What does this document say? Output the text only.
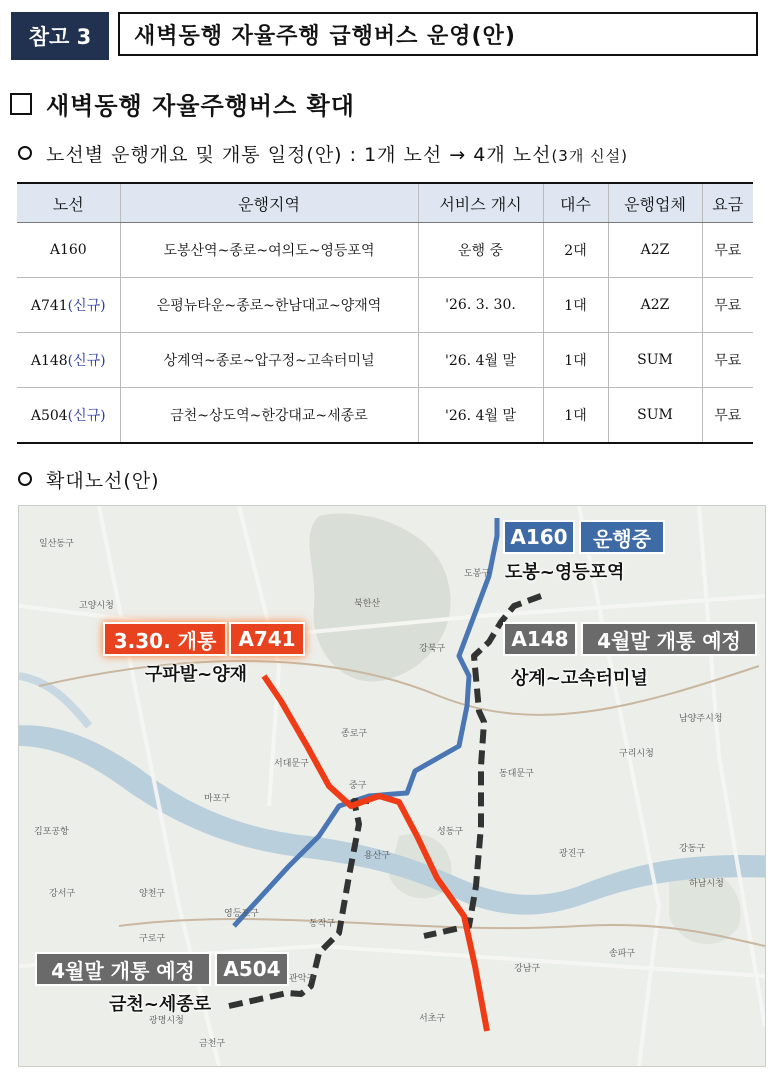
참고 3	새벽동행 자율주행 급행버스 운영(안)
새벽동행 자율주행버스 확대
노선별 운행개요 및 개통 일정(안) : 1개 노선 → 4개 노선(3개 신설)
노선	운행지역	서비스 개시	대수	운행업체	요금
A160	도봉산역~종로~여의도~영등포역	운행 중	2대	A2Z	무료
A741(신규)	은평뉴타운~종로~한남대교~양재역	'26. 3. 30.	1대	A2Z	무료
A148(신규)	상계역~종로~압구정~고속터미널	'26. 4월 말	1대	SUM	무료
A504(신규)	금천~상도역~한강대교~세종로	'26. 4월 말	1대	SUM	무료
확대노선(안)
일산동구
고양시청	북한산
강북구
도봉구
종로구
서대문구
마포구
중구
용산구
성동구
동대문구
광진구
영등포구
동작구
관악구
서초구
강남구
송파구
강동구
구로구
금천구
광명시청
김포공항
남양주시청
구리시청
하남시청
양천구
강서구
A160	운행중
도봉~영등포역
3.30. 개통	A741
구파발~양재
A148	4월말 개통 예정
상계~고속터미널
4월말 개통 예정	A504
금천~세종로
